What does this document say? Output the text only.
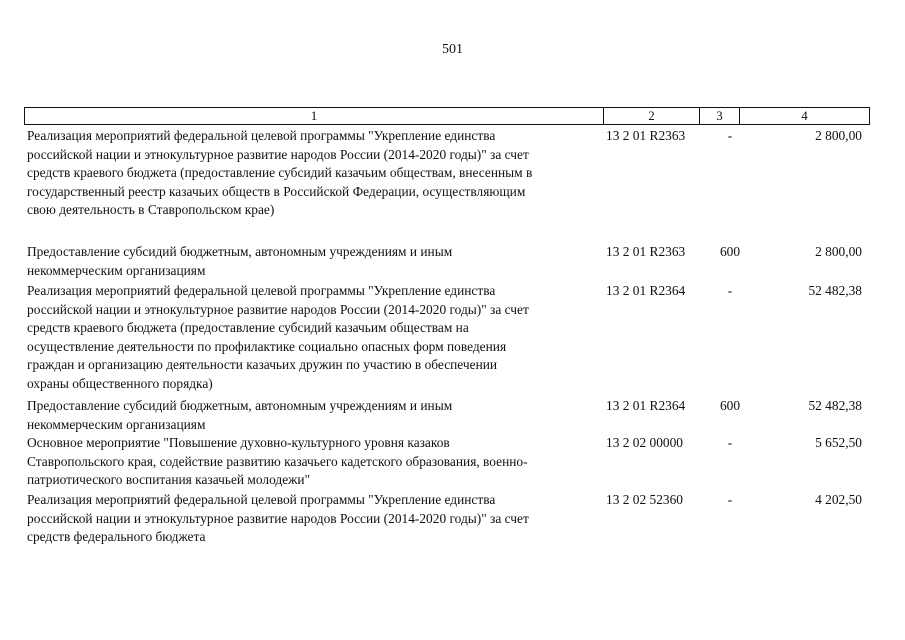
501
1	2	3	4
Реализация мероприятий федеральной целевой программы "Укрепление единства
российской нации и этнокультурное развитие народов России (2014-2020 годы)" за счет
средств краевого бюджета (предоставление субсидий казачьим обществам, внесенным в
государственный реестр казачьих обществ в Российской Федерации, осуществляющим
свою деятельность в Ставропольском крае)
13 2 01 R2363	-	2 800,00
Предоставление субсидий бюджетным, автономным учреждениям и иным
некоммерческим организациям
13 2 01 R2363	600	2 800,00
Реализация мероприятий федеральной целевой программы "Укрепление единства
российской нации и этнокультурное развитие народов России (2014-2020 годы)" за счет
средств краевого бюджета (предоставление субсидий казачьим обществам на
осуществление деятельности по профилактике социально опасных форм поведения
граждан и организацию деятельности казачьих дружин по участию в обеспечении
охраны общественного порядка)
13 2 01 R2364	-	52 482,38
Предоставление субсидий бюджетным, автономным учреждениям и иным
некоммерческим организациям
13 2 01 R2364	600	52 482,38
Основное мероприятие "Повышение духовно-культурного уровня казаков
Ставропольского края, содействие развитию казачьего кадетского образования, военно-
патриотического воспитания казачьей молодежи"
13 2 02 00000	-	5 652,50
Реализация мероприятий федеральной целевой программы "Укрепление единства
российской нации и этнокультурное развитие народов России (2014-2020 годы)" за счет
средств федерального бюджета
13 2 02 52360	-	4 202,50
